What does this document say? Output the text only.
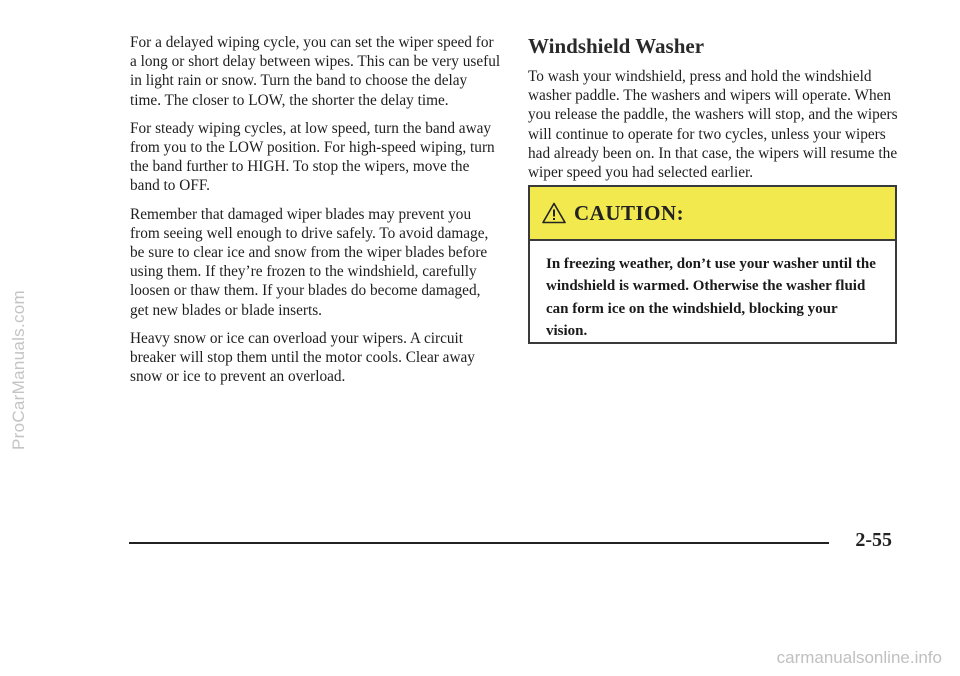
ProCarManuals.com

For a delayed wiping cycle, you can set the wiper speed for a long or short delay between wipes. This can be very useful in light rain or snow. Turn the band to choose the delay time. The closer to LOW, the shorter the delay time.

For steady wiping cycles, at low speed, turn the band away from you to the LOW position. For high-speed wiping, turn the band further to HIGH. To stop the wipers, move the band to OFF.

Remember that damaged wiper blades may prevent you from seeing well enough to drive safely. To avoid damage, be sure to clear ice and snow from the wiper blades before using them. If they’re frozen to the windshield, carefully loosen or thaw them. If your blades do become damaged, get new blades or blade inserts.

Heavy snow or ice can overload your wipers. A circuit breaker will stop them until the motor cools. Clear away snow or ice to prevent an overload.

Windshield Washer

To wash your windshield, press and hold the windshield washer paddle. The washers and wipers will operate. When you release the paddle, the washers will stop, and the wipers will continue to operate for two cycles, unless your wipers had already been on. In that case, the wipers will resume the wiper speed you had selected earlier.

CAUTION:
In freezing weather, don’t use your washer until the windshield is warmed. Otherwise the washer fluid can form ice on the windshield, blocking your vision.
2-55
carmanualsonline.info
